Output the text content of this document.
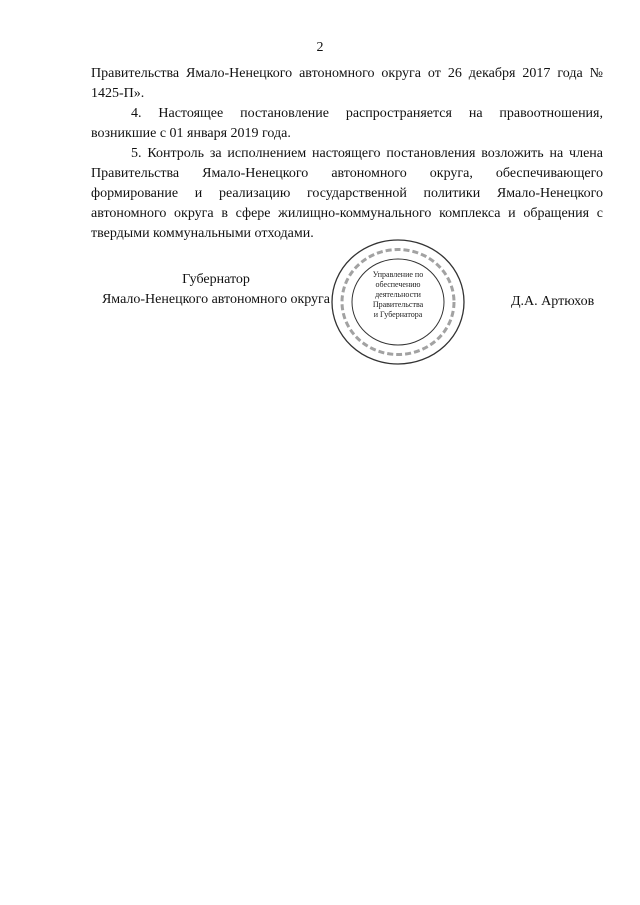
2

Правительства Ямало-Ненецкого автономного округа от 26 декабря 2017 года № 1425-П».

4. Настоящее постановление распространяется на правоотношения, возникшие с 01 января 2019 года.

5. Контроль за исполнением настоящего постановления возложить на члена Правительства Ямало-Ненецкого автономного округа, обеспечивающего формирование и реализацию государственной политики Ямало-Ненецкого автономного округа в сфере жилищно-коммунального комплекса и обращения с твердыми коммунальными отходами.

Губернатор
Ямало-Ненецкого автономного округа	Д.А. Артюхов
Управление по
обеспечению
деятельности
Правительства
и Губернатора
